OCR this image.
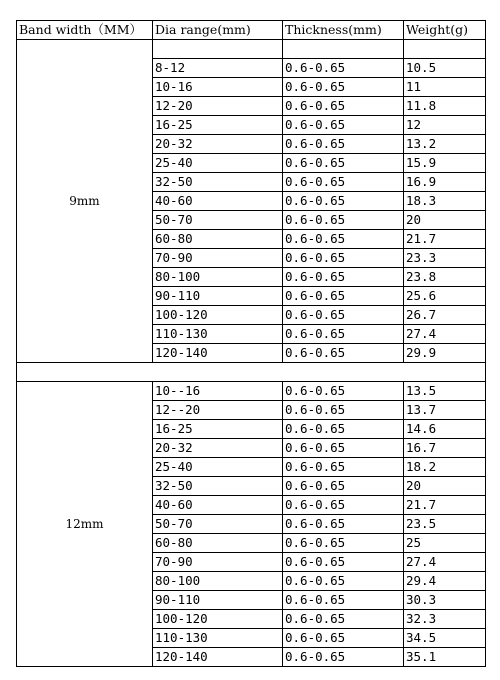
Band width（MM）	Dia range(mm)	Thickness(mm)	Weight(g)
9mm			
	8-12	0.6-0.65	10.5
	10-16	0.6-0.65	11
	12-20	0.6-0.65	11.8
	16-25	0.6-0.65	12
	20-32	0.6-0.65	13.2
	25-40	0.6-0.65	15.9
	32-50	0.6-0.65	16.9
	40-60	0.6-0.65	18.3
	50-70	0.6-0.65	20
	60-80	0.6-0.65	21.7
	70-90	0.6-0.65	23.3
	80-100	0.6-0.65	23.8
	90-110	0.6-0.65	25.6
	100-120	0.6-0.65	26.7
	110-130	0.6-0.65	27.4
	120-140	0.6-0.65	29.9

12mm	10--16	0.6-0.65	13.5
	12--20	0.6-0.65	13.7
	16-25	0.6-0.65	14.6
	20-32	0.6-0.65	16.7
	25-40	0.6-0.65	18.2
	32-50	0.6-0.65	20
	40-60	0.6-0.65	21.7
	50-70	0.6-0.65	23.5
	60-80	0.6-0.65	25
	70-90	0.6-0.65	27.4
	80-100	0.6-0.65	29.4
	90-110	0.6-0.65	30.3
	100-120	0.6-0.65	32.3
	110-130	0.6-0.65	34.5
	120-140	0.6-0.65	35.1
